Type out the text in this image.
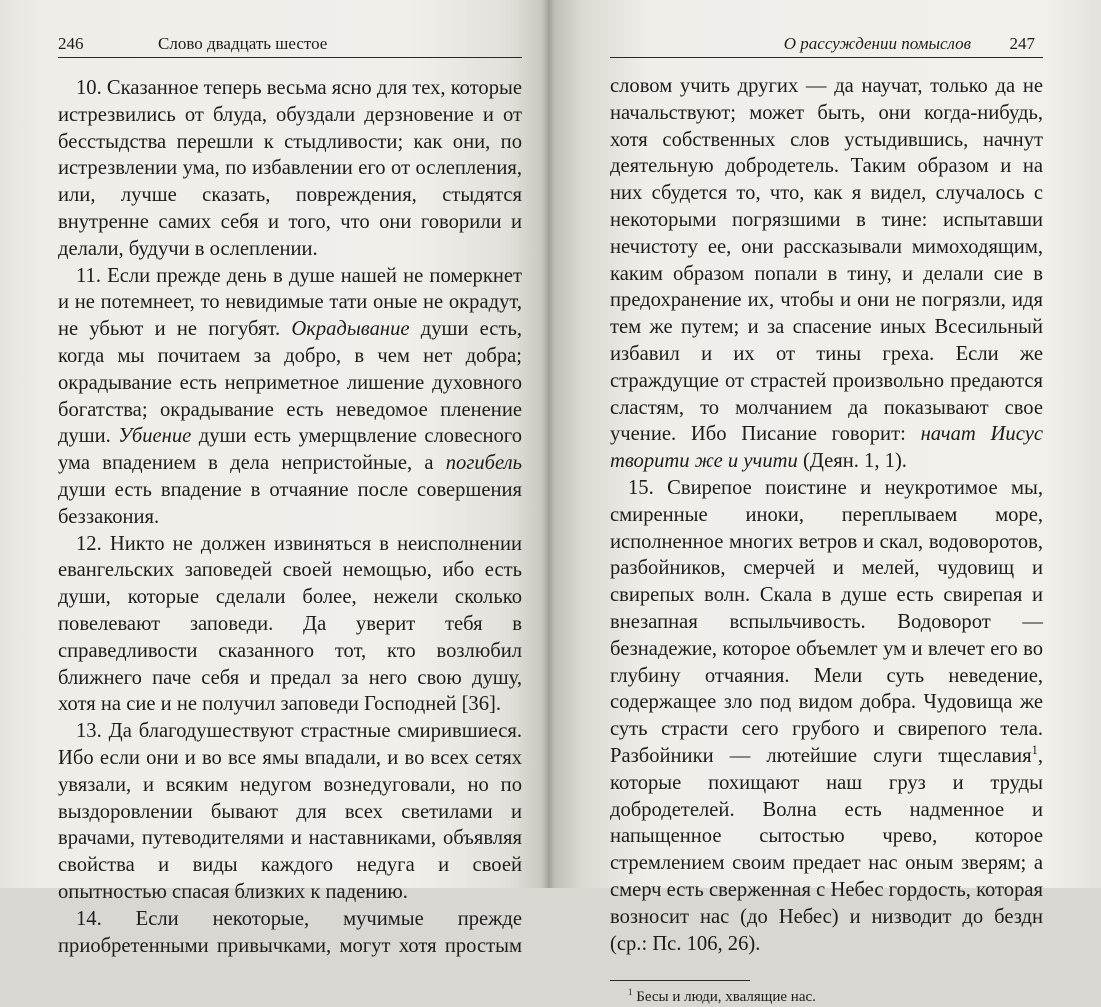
246	Слово двадцать шестое

10. Сказанное теперь весьма ясно для тех, которые истрезвились от блуда, обуздали дерзновение и от бесстыдства перешли к стыдливости; как они, по истрезвлении ума, по избавлении его от ослепления, или, лучше сказать, повреждения, стыдятся внутренне самих себя и того, что они говорили и делали, будучи в ослеплении.

11. Если прежде день в душе нашей не померкнет и не потемнеет, то невидимые тати оные не окрадут, не убьют и не погубят. Окрадывание души есть, когда мы почитаем за добро, в чем нет добра; окрадывание есть неприметное лишение духовного богатства; окрадывание есть неведомое пленение души. Убиение души есть умерщвление словесного ума впадением в дела непристойные, а погибель души есть впадение в отчаяние после совершения беззакония.

12. Никто не должен извиняться в неисполнении евангельских заповедей своей немощью, ибо есть души, которые сделали более, нежели сколько повелевают заповеди. Да уверит тебя в справедливости сказанного тот, кто возлюбил ближнего паче себя и предал за него свою душу, хотя на сие и не получил заповеди Господней [36].

13. Да благодушествуют страстные смирившиеся. Ибо если они и во все ямы впадали, и во всех сетях увязали, и всяким недугом вознедуговали, но по выздоровлении бывают для всех светилами и врачами, путеводителями и наставниками, объявляя свойства и виды каждого недуга и своей опытностью спасая близких к падению.

14. Если некоторые, мучимые прежде приобретенными привычками, могут хотя простым

О рассуждении помыслов 247

словом учить других — да научат, только да не начальствуют; может быть, они когда-нибудь, хотя собственных слов устыдившись, начнут деятельную добродетель. Таким образом и на них сбудется то, что, как я видел, случалось с некоторыми погрязшими в тине: испытавши нечистоту ее, они рассказывали мимоходящим, каким образом попали в тину, и делали сие в предохранение их, чтобы и они не погрязли, идя тем же путем; и за спасение иных Всесильный избавил и их от тины греха. Если же страждущие от страстей произвольно предаются сластям, то молчанием да показывают свое учение. Ибо Писание говорит: начат Иисус творити же и учити (Деян. 1, 1).

15. Свирепое поистине и неукротимое мы, смиренные иноки, переплываем море, исполненное многих ветров и скал, водоворотов, разбойников, смерчей и мелей, чудовищ и свирепых волн. Скала в душе есть свирепая и внезапная вспыльчивость. Водоворот — безнадежие, которое объемлет ум и влечет его во глубину отчаяния. Мели суть неведение, содержащее зло под видом добра. Чудовища же суть страсти сего грубого и свирепого тела. Разбойники — лютейшие слуги тщеславия$^1$, которые похищают наш груз и труды добродетелей. Волна есть надменное и напыщенное сытостью чрево, которое стремлением своим предает нас оным зверям; а смерч есть сверженная с Небес гордость, которая возносит нас (до Небес) и низводит до бездн (ср.: Пс. 106, 26).

$^1$ Бесы и люди, хвалящие нас.
